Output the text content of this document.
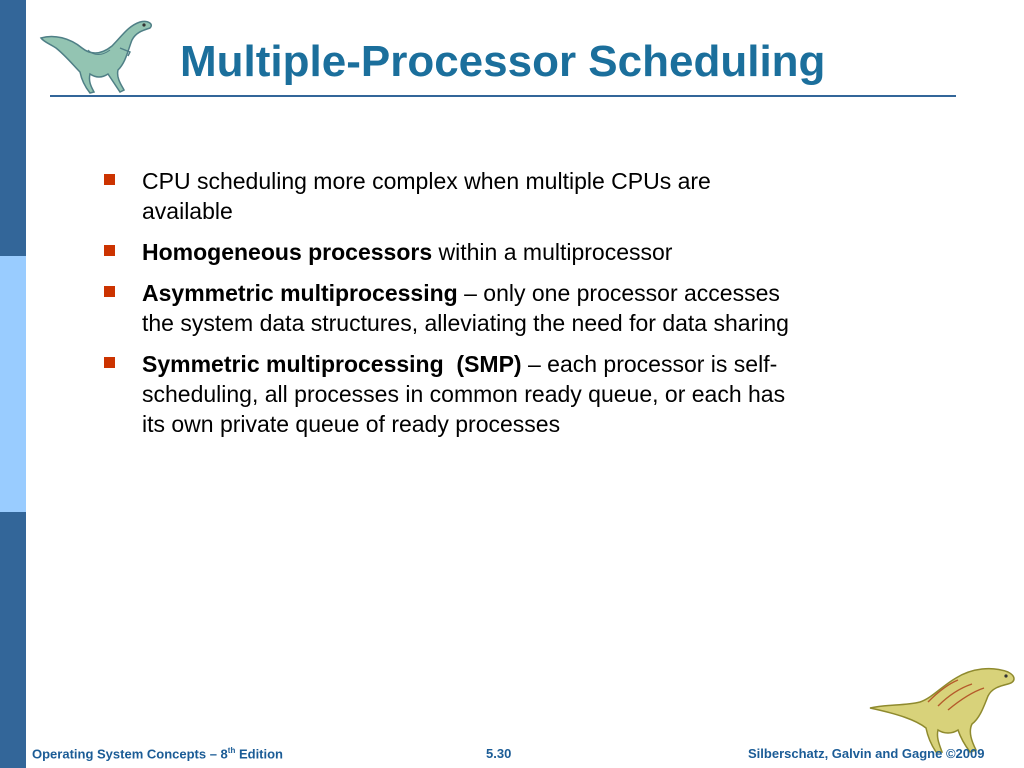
Multiple-Processor Scheduling
CPU scheduling more complex when multiple CPUs are available
Homogeneous processors within a multiprocessor
Asymmetric multiprocessing – only one processor accesses the system data structures, alleviating the need for data sharing
Symmetric multiprocessing  (SMP) – each processor is self-scheduling, all processes in common ready queue, or each has its own private queue of ready processes
Operating System Concepts – 8th Edition	5.30	Silberschatz, Galvin and Gagne ©2009
